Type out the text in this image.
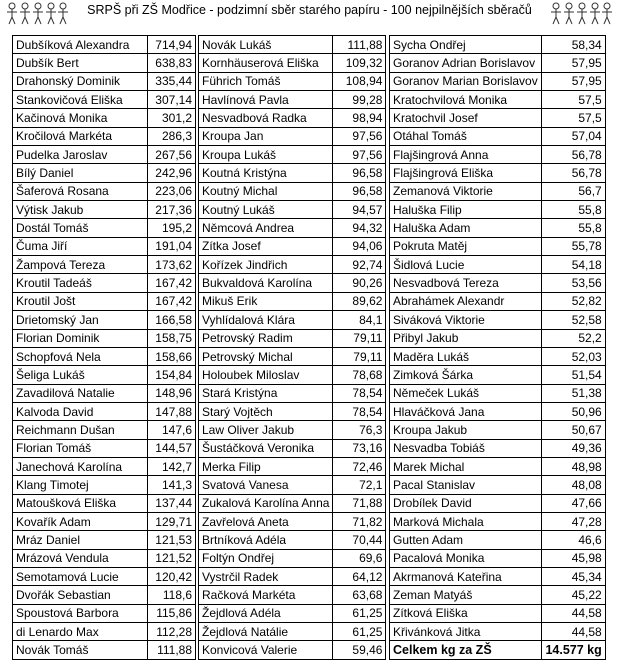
SRPŠ při ZŠ Modřice - podzimní sběr starého papíru - 100 nejpilnějších sběračů
Dubšíková Alexandra	714,94
Dubšík Bert	638,83
Drahonský Dominik	335,44
Stankovičová Eliška	307,14
Kačinová Monika	301,2
Kročilová Markéta	286,3
Pudelka Jaroslav	267,56
Bílý Daniel	242,96
Šaferová Rosana	223,06
Výtisk Jakub	217,36
Dostál Tomáš	195,2
Čuma Jiří	191,04
Žampová Tereza	173,62
Kroutil Tadeáš	167,42
Kroutil Jošt	167,42
Drietomský Jan	166,58
Florian Dominik	158,75
Schopfová Nela	158,66
Šeliga Lukáš	154,84
Zavadilová Natalie	148,96
Kalvoda David	147,88
Reichmann Dušan	147,6
Florian Tomáš	144,57
Janechová Karolína	142,7
Klang Timotej	141,3
Matoušková Eliška	137,44
Kovařík Adam	129,71
Mráz Daniel	121,53
Mrázová Vendula	121,52
Semotamová Lucie	120,42
Dvořák Sebastian	118,6
Spoustová Barbora	115,86
di Lenardo Max	112,28
Novák Tomáš	111,88
Novák Lukáš	111,88
Kornhäuserová Eliška	109,32
Führich Tomáš	108,94
Havlínová Pavla	99,28
Nesvadbová Radka	98,94
Kroupa Jan	97,56
Kroupa Lukáš	97,56
Koutná Kristýna	96,58
Koutný Michal	96,58
Koutný Lukáš	94,57
Němcová Andrea	94,32
Zítka Josef	94,06
Kořízek Jindřich	92,74
Bukvaldová Karolína	90,26
Mikuš Erik	89,62
Vyhlídalová Klára	84,1
Petrovský Radim	79,11
Petrovský Michal	79,11
Holoubek Miloslav	78,68
Stará Kristýna	78,54
Starý Vojtěch	78,54
Law Oliver Jakub	76,3
Šustáčková Veronika	73,16
Merka Filip	72,46
Svatová Vanesa	72,1
Zukalová Karolína Anna	71,88
Zavřelová Aneta	71,82
Brtníková Adéla	70,44
Foltýn Ondřej	69,6
Vystrčil Radek	64,12
Račková Markéta	63,68
Žejdlová Adéla	61,25
Žejdlová Natálie	61,25
Konvicová Valerie	59,46
Sycha Ondřej	58,34
Goranov Adrian Borislavov	57,95
Goranov Marian Borislavov	57,95
Kratochvilová Monika	57,5
Kratochvil Josef	57,5
Otáhal Tomáš	57,04
Flajšingrová Anna	56,78
Flajšingrová Eliška	56,78
Zemanová Viktorie	56,7
Haluška Filip	55,8
Haluška Adam	55,8
Pokruta Matěj	55,78
Šidlová Lucie	54,18
Nesvadbová Tereza	53,56
Abrahámek Alexandr	52,82
Siváková Viktorie	52,58
Přibyl Jakub	52,2
Maděra Lukáš	52,03
Zimková Šárka	51,54
Němeček Lukáš	51,38
Hlaváčková Jana	50,96
Kroupa Jakub	50,67
Nesvadba Tobiáš	49,36
Marek Michal	48,98
Pacal Stanislav	48,08
Drobílek David	47,66
Marková Michala	47,28
Gutten Adam	46,6
Pacalová Monika	45,98
Akrmanová Kateřina	45,34
Zeman Matyáš	45,22
Zítková Eliška	44,58
Křivánková Jitka	44,58
Celkem kg za ZŠ	14.577 kg
